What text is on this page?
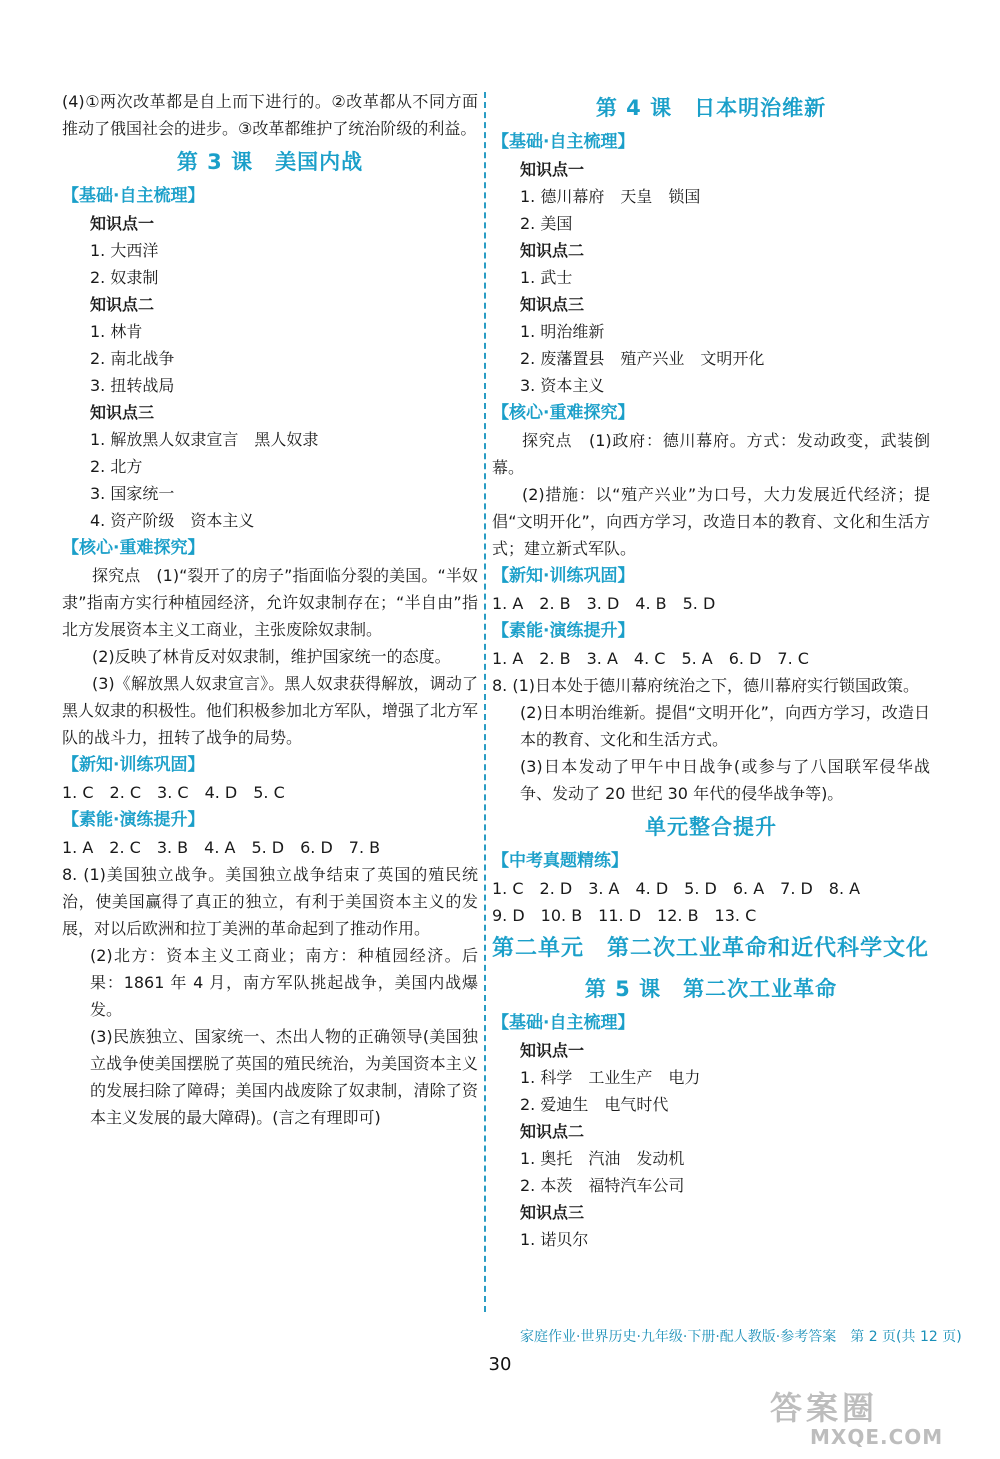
(4)①两次改革都是自上而下进行的。②改革都从不同方面推动了俄国社会的进步。③改革都维护了统治阶级的利益。
第 3 课　美国内战
【基础·自主梳理】
知识点一
1. 大西洋
2. 奴隶制
知识点二
1. 林肯
2. 南北战争
3. 扭转战局
知识点三
1. 解放黑人奴隶宣言　黑人奴隶
2. 北方
3. 国家统一
4. 资产阶级　资本主义
【核心·重难探究】
探究点　(1)“裂开了的房子”指面临分裂的美国。“半奴隶”指南方实行种植园经济，允许奴隶制存在；“半自由”指北方发展资本主义工商业，主张废除奴隶制。
(2)反映了林肯反对奴隶制，维护国家统一的态度。
(3)《解放黑人奴隶宣言》。黑人奴隶获得解放，调动了黑人奴隶的积极性。他们积极参加北方军队，增强了北方军队的战斗力，扭转了战争的局势。
【新知·训练巩固】
1. C　2. C　3. C　4. D　5. C
【素能·演练提升】
1. A　2. C　3. B　4. A　5. D　6. D　7. B
8. (1)美国独立战争。美国独立战争结束了英国的殖民统治，使美国赢得了真正的独立，有利于美国资本主义的发展，对以后欧洲和拉丁美洲的革命起到了推动作用。
(2)北方：资本主义工商业；南方：种植园经济。后果：1861 年 4 月，南方军队挑起战争，美国内战爆发。
(3)民族独立、国家统一、杰出人物的正确领导(美国独立战争使美国摆脱了英国的殖民统治，为美国资本主义的发展扫除了障碍；美国内战废除了奴隶制，清除了资本主义发展的最大障碍)。(言之有理即可)
第 4 课　日本明治维新
【基础·自主梳理】
知识点一
1. 德川幕府　天皇　锁国
2. 美国
知识点二
1. 武士
知识点三
1. 明治维新
2. 废藩置县　殖产兴业　文明开化
3. 资本主义
【核心·重难探究】
探究点　(1)政府：德川幕府。方式：发动政变，武装倒幕。
(2)措施：以“殖产兴业”为口号，大力发展近代经济；提倡“文明开化”，向西方学习，改造日本的教育、文化和生活方式；建立新式军队。
【新知·训练巩固】
1. A　2. B　3. D　4. B　5. D
【素能·演练提升】
1. A　2. B　3. A　4. C　5. A　6. D　7. C
8. (1)日本处于德川幕府统治之下，德川幕府实行锁国政策。
(2)日本明治维新。提倡“文明开化”，向西方学习，改造日本的教育、文化和生活方式。
(3)日本发动了甲午中日战争(或参与了八国联军侵华战争、发动了 20 世纪 30 年代的侵华战争等)。
单元整合提升
【中考真题精练】
1. C　2. D　3. A　4. D　5. D　6. A　7. D　8. A
9. D　10. B　11. D　12. B　13. C
第二单元　第二次工业革命和近代科学文化
第 5 课　第二次工业革命
【基础·自主梳理】
知识点一
1. 科学　工业生产　电力
2. 爱迪生　电气时代
知识点二
1. 奥托　汽油　发动机
2. 本茨　福特汽车公司
知识点三
1. 诺贝尔
家庭作业·世界历史·九年级·下册·配人教版·参考答案　第 2 页(共 12 页)
30
答案圈
MXQE.COM
